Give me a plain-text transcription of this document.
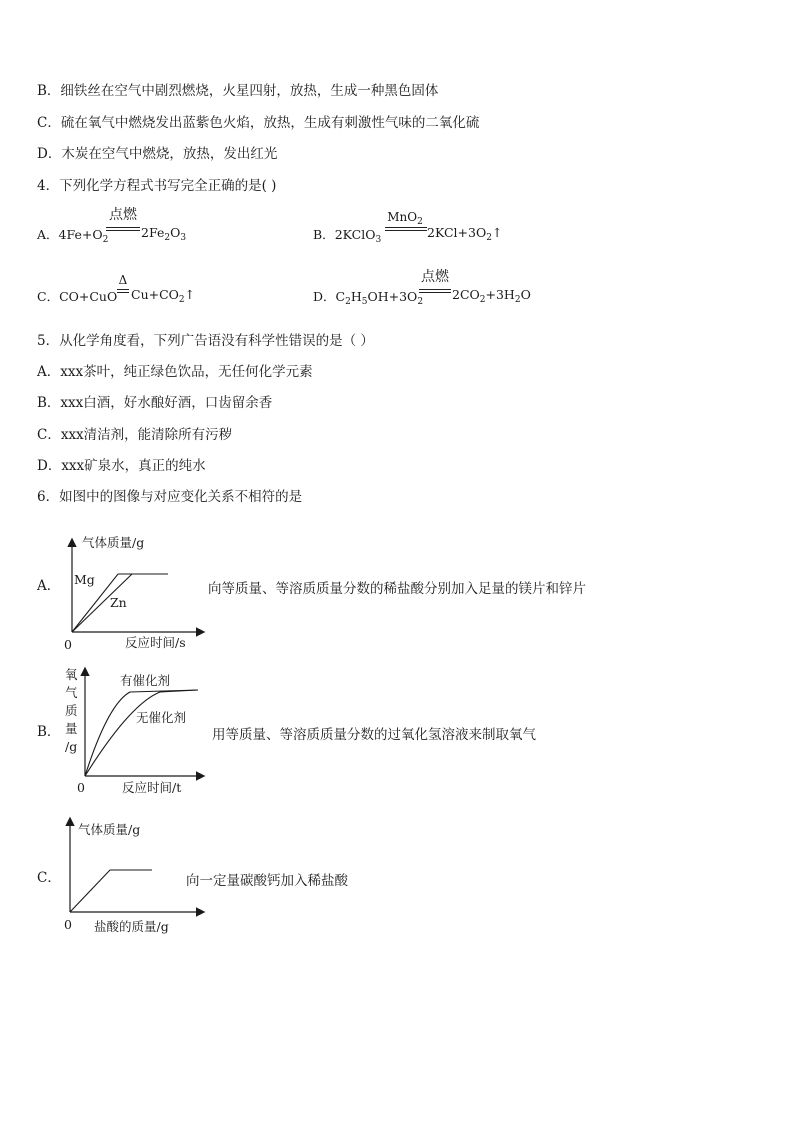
B．细铁丝在空气中剧烈燃烧，火星四射，放热，生成一种黑色固体
C．硫在氧气中燃烧发出蓝紫色火焰，放热，生成有刺激性气味的二氧化硫
D．木炭在空气中燃烧，放热，发出红光
4．下列化学方程式书写完全正确的是( )
A．$4Fe+O_2$
点燃
$2Fe_2O_3$	B．2KClO$_3$
MnO$_2$
$2KCl+3O_2↑$
C．CO+CuO
Δ
$Cu+CO_2↑$	D．$C_2H_5OH+3O_2$
点燃
$2CO_2+3H_2O$
5．从化学角度看，下列广告语没有科学性错误的是（ ）
A．xxx茶叶，纯正绿色饮品，无任何化学元素
B．xxx白酒，好水酿好酒，口齿留余香
C．xxx清洁剂，能清除所有污秽
D．xxx矿泉水，真正的纯水
6．如图中的图像与对应变化关系不相符的是
A．
气体质量/g
Mg
Zn
0	反应时间/s
向等质量、等溶质质量分数的稀盐酸分别加入足量的镁片和锌片
B．
氧
气
质
量
/g
有催化剂
无催化剂
0	反应时间/t
用等质量、等溶质质量分数的过氧化氢溶液来制取氧气
C．
气体质量/g
0 盐酸的质量/g
向一定量碳酸钙加入稀盐酸
